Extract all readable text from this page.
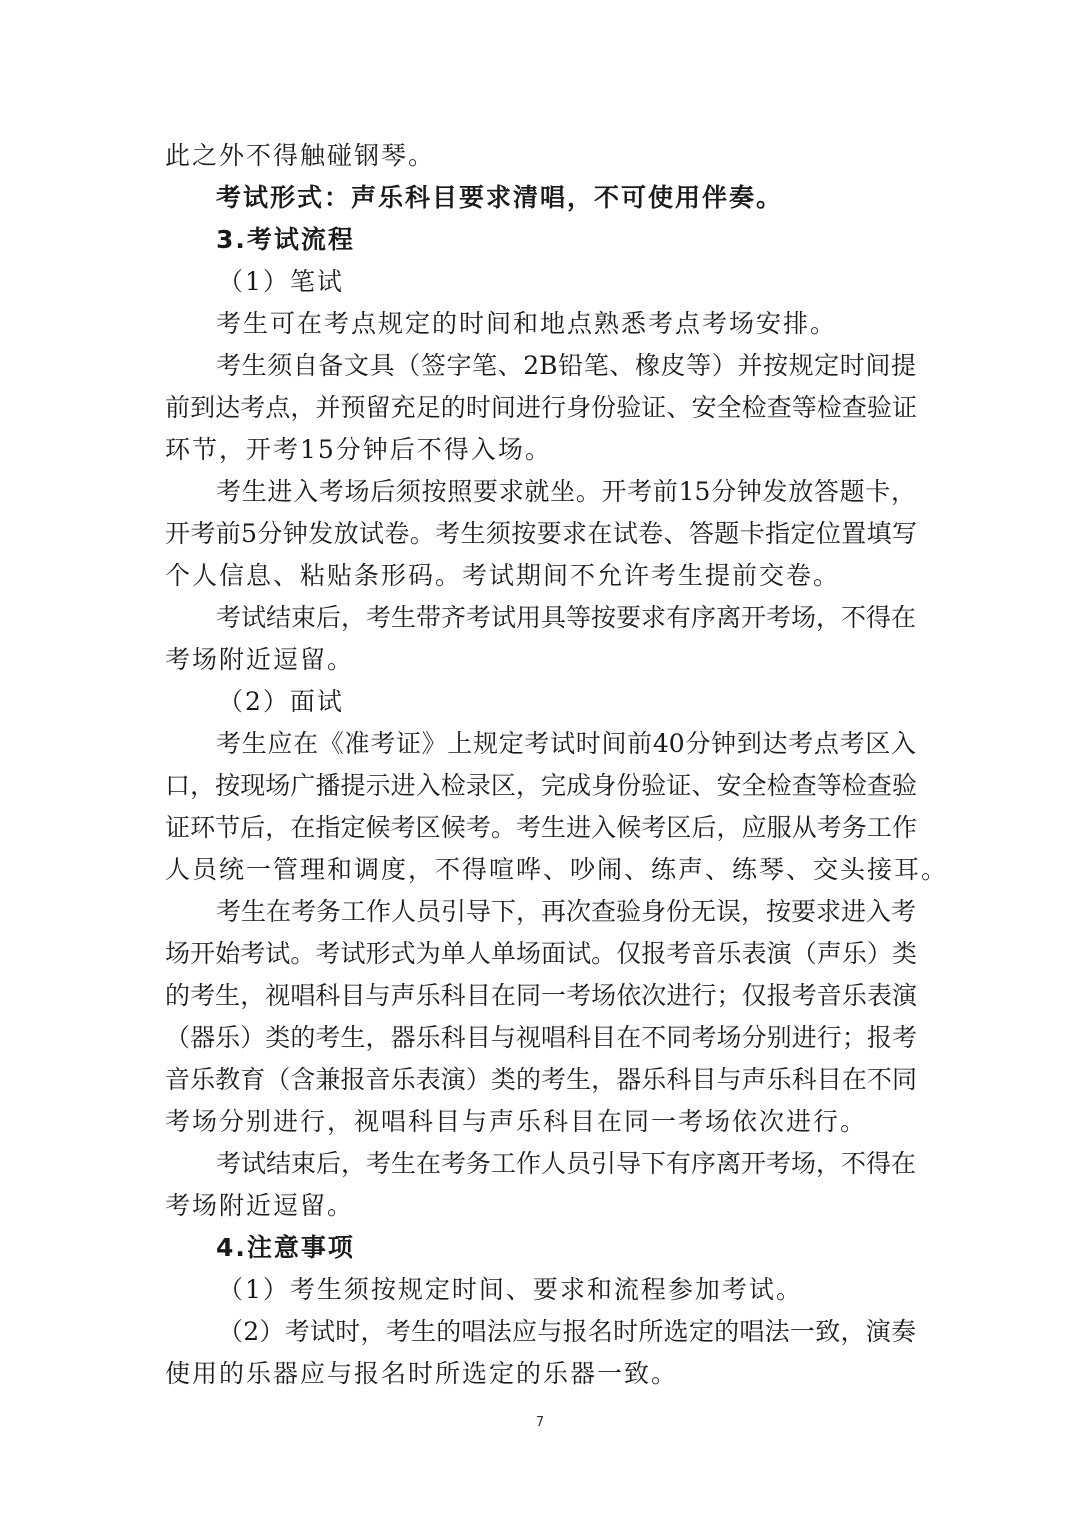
此之外不得触碰钢琴。

考试形式：声乐科目要求清唱，不可使用伴奏。

3.考试流程

（1）笔试

考生可在考点规定的时间和地点熟悉考点考场安排。

考生须自备文具（签字笔、2B铅笔、橡皮等）并按规定时间提

前到达考点，并预留充足的时间进行身份验证、安全检查等检查验证

环节，开考15分钟后不得入场。

考生进入考场后须按照要求就坐。开考前15分钟发放答题卡，

开考前5分钟发放试卷。考生须按要求在试卷、答题卡指定位置填写

个人信息、粘贴条形码。考试期间不允许考生提前交卷。

考试结束后，考生带齐考试用具等按要求有序离开考场，不得在

考场附近逗留。

（2）面试

考生应在《准考证》上规定考试时间前40分钟到达考点考区入

口，按现场广播提示进入检录区，完成身份验证、安全检查等检查验

证环节后，在指定候考区候考。考生进入候考区后，应服从考务工作

人员统一管理和调度，不得喧哗、吵闹、练声、练琴、交头接耳。

考生在考务工作人员引导下，再次查验身份无误，按要求进入考

场开始考试。考试形式为单人单场面试。仅报考音乐表演（声乐）类

的考生，视唱科目与声乐科目在同一考场依次进行；仅报考音乐表演

（器乐）类的考生，器乐科目与视唱科目在不同考场分别进行；报考

音乐教育（含兼报音乐表演）类的考生，器乐科目与声乐科目在不同

考场分别进行，视唱科目与声乐科目在同一考场依次进行。

考试结束后，考生在考务工作人员引导下有序离开考场，不得在

考场附近逗留。

4.注意事项

（1）考生须按规定时间、要求和流程参加考试。

（2）考试时，考生的唱法应与报名时所选定的唱法一致，演奏

使用的乐器应与报名时所选定的乐器一致。

7
